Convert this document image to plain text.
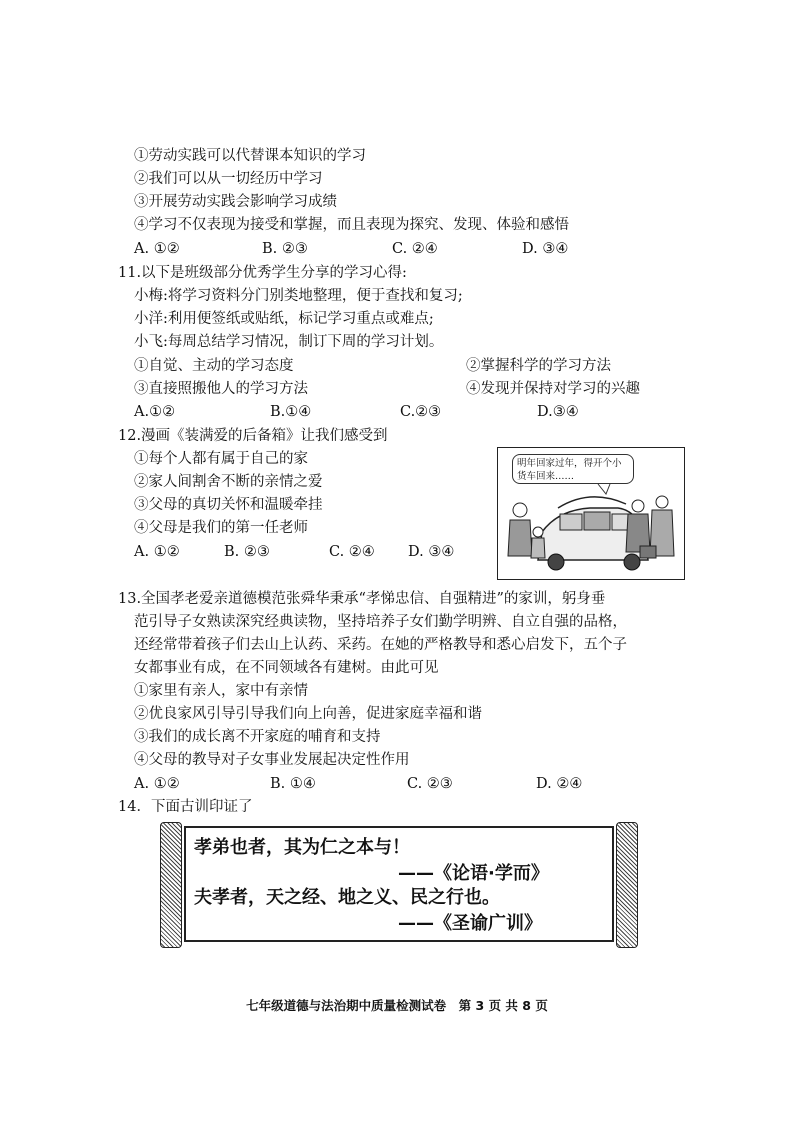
①劳动实践可以代替课本知识的学习
②我们可以从一切经历中学习
③开展劳动实践会影响学习成绩
④学习不仅表现为接受和掌握，而且表现为探究、发现、体验和感悟
A. ①②	B. ②③	C. ②④	D. ③④
11.以下是班级部分优秀学生分享的学习心得:
小梅:将学习资料分门别类地整理，便于查找和复习;
小洋:利用便签纸或贴纸，标记学习重点或难点;
小飞:每周总结学习情况，制订下周的学习计划。
①自觉、主动的学习态度	②掌握科学的学习方法
③直接照搬他人的学习方法	④发现并保持对学习的兴趣
A.①②	B.①④	C.②③	D.③④
12.漫画《装满爱的后备箱》让我们感受到
①每个人都有属于自己的家
②家人间割舍不断的亲情之爱
③父母的真切关怀和温暖牵挂
④父母是我们的第一任老师
A. ①②	B. ②③	C. ②④ D. ③④
明年回家过年，得开个小货车回来……
13.全国孝老爱亲道德模范张舜华秉承“孝悌忠信、自强精进”的家训，躬身垂
范引导子女熟读深究经典读物，坚持培养子女们勤学明辨、自立自强的品格，
还经常带着孩子们去山上认药、采药。在她的严格教导和悉心启发下，五个子
女都事业有成，在不同领域各有建树。由此可见
①家里有亲人，家中有亲情
②优良家风引导引导我们向上向善，促进家庭幸福和谐
③我们的成长离不开家庭的哺育和支持
④父母的教导对子女事业发展起决定性作用
A. ①②	B. ①④	C. ②③	D. ②④
14．下面古训印证了
孝弟也者，其为仁之本与！
——《论语·学而》
夫孝者，天之经、地之义、民之行也。
——《圣谕广训》
七年级道德与法治期中质量检测试卷　第 3 页 共 8 页
